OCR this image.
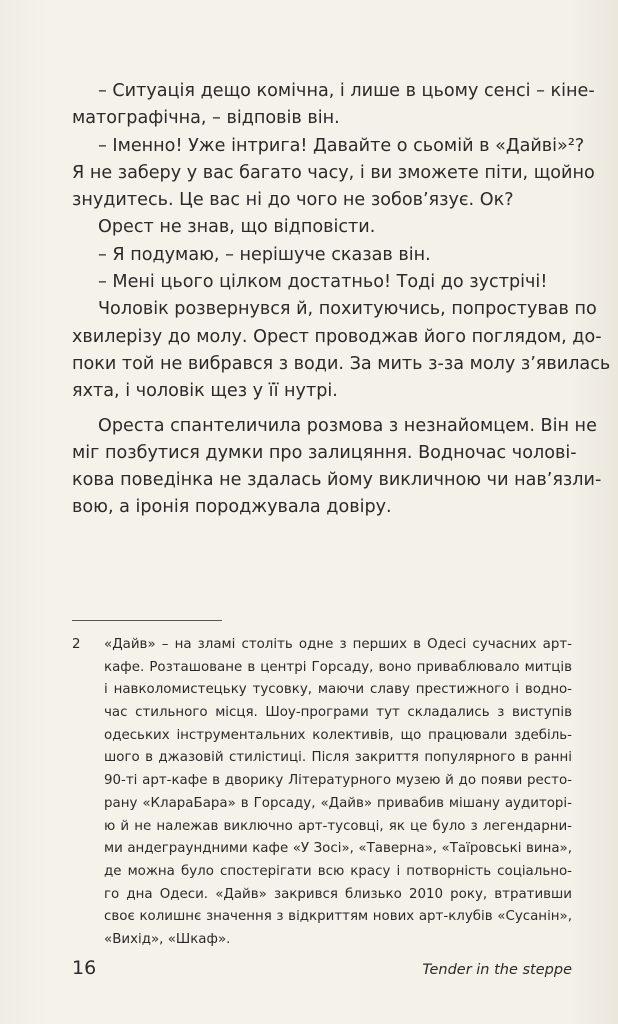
– Ситуація дещо комічна, і лише в цьому сенсі – кіне-
матографічна, – відповів він.
– Іменно! Уже інтрига! Давайте о сьомій в «Дайві»²?
Я не заберу у вас багато часу, і ви зможете піти, щойно
знудитесь. Це вас ні до чого не зобов’язує. Ок?
Орест не знав, що відповісти.
– Я подумаю, – нерішуче сказав він.
– Мені цього цілком достатньо! Тоді до зустрічі!
Чоловік розвернувся й, похитуючись, попростував по
хвилерізу до молу. Орест проводжав його поглядом, до-
поки той не вибрався з води. За мить з-за молу з’явилась
яхта, і чоловік щез у її нутрі.
Ореста спантеличила розмова з незнайомцем. Він не
міг позбутися думки про залицяння. Водночас чолові-
кова поведінка не здалась йому викличною чи нав’язли-
вою, а іронія породжувала довіру.
2	«Дайв» – на зламі століть одне з перших в Одесі сучасних арт-
кафе. Розташоване в центрі Горсаду, воно приваблювало митців
і навколомистецьку тусовку, маючи славу престижного і водно-
час стильного місця. Шоу-програми тут складались з виступів
одеських інструментальних колективів, що працювали здебіль-
шого в джазовій стилістиці. Після закриття популярного в ранні
90-ті арт-кафе в дворику Літературного музею й до появи ресто-
рану «КлараБара» в Горсаду, «Дайв» привабив мішану аудиторі-
ю й не належав виключно арт-тусовці, як це було з легендарни-
ми андеграундними кафе «У Зосі», «Таверна», «Таїровські вина»,
де можна було спостерігати всю красу і потворність соціально-
го дна Одеси. «Дайв» закрився близько 2010 року, втративши
своє колишнє значення з відкриттям нових арт-клубів «Сусанін»,
«Вихід», «Шкаф».
16	Tender in the steppe
